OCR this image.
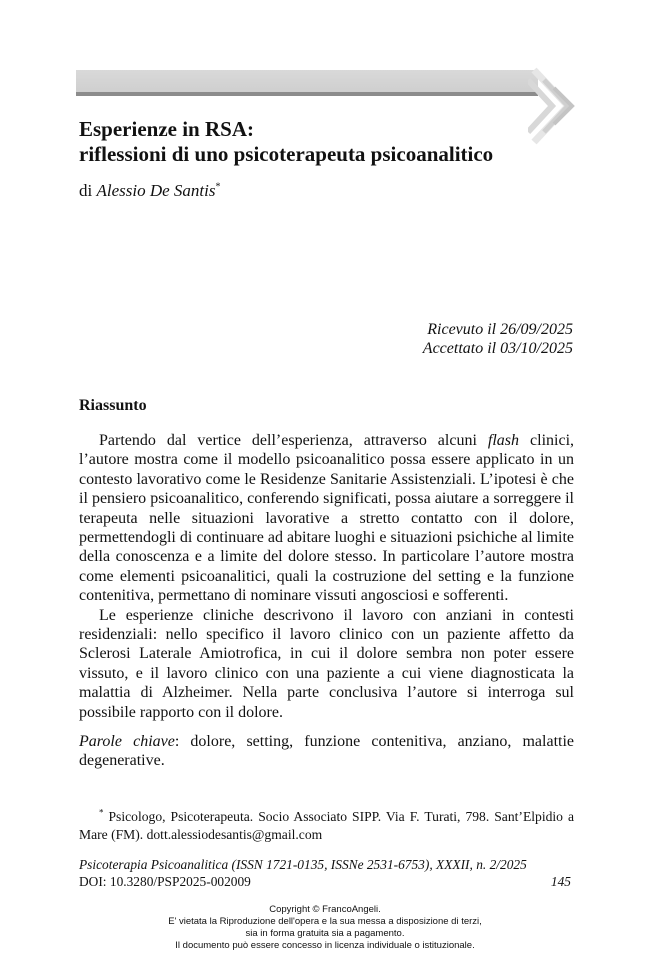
Esperienze in RSA:
riflessioni di uno psicoterapeuta psicoanalitico
di Alessio De Santis*
Ricevuto il 26/09/2025
Accettato il 03/10/2025
Riassunto

Partendo dal vertice dell’esperienza, attraverso alcuni flash clinici, l’autore mostra come il modello psicoanalitico possa essere applicato in un contesto lavorativo come le Residenze Sanitarie Assistenziali. L’ipotesi è che il pensiero psicoanalitico, conferendo significati, possa aiutare a sorreggere il terapeuta nelle situazioni lavorative a stretto contatto con il dolore, permettendogli di continuare ad abitare luoghi e situazioni psichiche al limite della conoscenza e a limite del dolore stesso. In particolare l’autore mostra come elementi psicoanalitici, quali la costruzione del setting e la funzione contenitiva, permettano di nominare vissuti angosciosi e sofferenti.

Le esperienze cliniche descrivono il lavoro con anziani in contesti residenziali: nello specifico il lavoro clinico con un paziente affetto da Sclerosi Laterale Amiotrofica, in cui il dolore sembra non poter essere vissuto, e il lavoro clinico con una paziente a cui viene diagnosticata la malattia di Alzheimer. Nella parte conclusiva l’autore si interroga sul possibile rapporto con il dolore.

Parole chiave: dolore, setting, funzione contenitiva, anziano, malattie degenerative.
* Psicologo, Psicoterapeuta. Socio Associato SIPP. Via F. Turati, 798. Sant’Elpidio a Mare (FM). dott.alessiodesantis@gmail.com
Psicoterapia Psicoanalitica (ISSN 1721-0135, ISSNe 2531-6753), XXXII, n. 2/2025
DOI: 10.3280/PSP2025-002009	145
Copyright © FrancoAngeli.
E' vietata la Riproduzione dell'opera e la sua messa a disposizione di terzi,
sia in forma gratuita sia a pagamento.
Il documento può essere concesso in licenza individuale o istituzionale.
